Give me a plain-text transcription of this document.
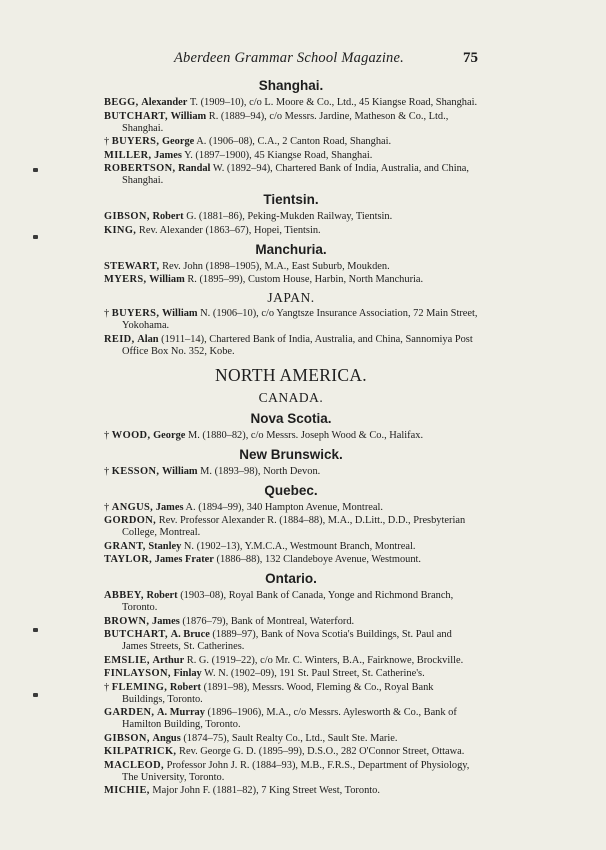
Aberdeen Grammar School Magazine.	75
Shanghai.
BEGG, Alexander T. (1909–10), c/o L. Moore & Co., Ltd., 45 Kiangse Road, Shanghai.
BUTCHART, William R. (1889–94), c/o Messrs. Jardine, Matheson & Co., Ltd., Shanghai.
† BUYERS, George A. (1906–08), C.A., 2 Canton Road, Shanghai.
MILLER, James Y. (1897–1900), 45 Kiangse Road, Shanghai.
ROBERTSON, Randal W. (1892–94), Chartered Bank of India, Australia, and China, Shanghai.
Tientsin.
GIBSON, Robert G. (1881–86), Peking-Mukden Railway, Tientsin.
KING, Rev. Alexander (1863–67), Hopei, Tientsin.
Manchuria.
STEWART, Rev. John (1898–1905), M.A., East Suburb, Moukden.
MYERS, William R. (1895–99), Custom House, Harbin, North Manchuria.
JAPAN.
† BUYERS, William N. (1906–10), c/o Yangtsze Insurance Association, 72 Main Street, Yokohama.
REID, Alan (1911–14), Chartered Bank of India, Australia, and China, Sannomiya Post Office Box No. 352, Kobe.
NORTH AMERICA.
CANADA.
Nova Scotia.
† WOOD, George M. (1880–82), c/o Messrs. Joseph Wood & Co., Halifax.
New Brunswick.
† KESSON, William M. (1893–98), North Devon.
Quebec.
† ANGUS, James A. (1894–99), 340 Hampton Avenue, Montreal.
GORDON, Rev. Professor Alexander R. (1884–88), M.A., D.Litt., D.D., Presbyterian College, Montreal.
GRANT, Stanley N. (1902–13), Y.M.C.A., Westmount Branch, Montreal.
TAYLOR, James Frater (1886–88), 132 Clandeboye Avenue, Westmount.
Ontario.
ABBEY, Robert (1903–08), Royal Bank of Canada, Yonge and Richmond Branch, Toronto.
BROWN, James (1876–79), Bank of Montreal, Waterford.
BUTCHART, A. Bruce (1889–97), Bank of Nova Scotia's Buildings, St. Paul and James Streets, St. Catherines.
EMSLIE, Arthur R. G. (1919–22), c/o Mr. C. Winters, B.A., Fairknowe, Brockville.
FINLAYSON, Finlay W. N. (1902–09), 191 St. Paul Street, St. Catherine's.
† FLEMING, Robert (1891–98), Messrs. Wood, Fleming & Co., Royal Bank Buildings, Toronto.
GARDEN, A. Murray (1896–1906), M.A., c/o Messrs. Aylesworth & Co., Bank of Hamilton Building, Toronto.
GIBSON, Angus (1874–75), Sault Realty Co., Ltd., Sault Ste. Marie.
KILPATRICK, Rev. George G. D. (1895–99), D.S.O., 282 O'Connor Street, Ottawa.
MACLEOD, Professor John J. R. (1884–93), M.B., F.R.S., Department of Physiology, The University, Toronto.
MICHIE, Major John F. (1881–82), 7 King Street West, Toronto.
